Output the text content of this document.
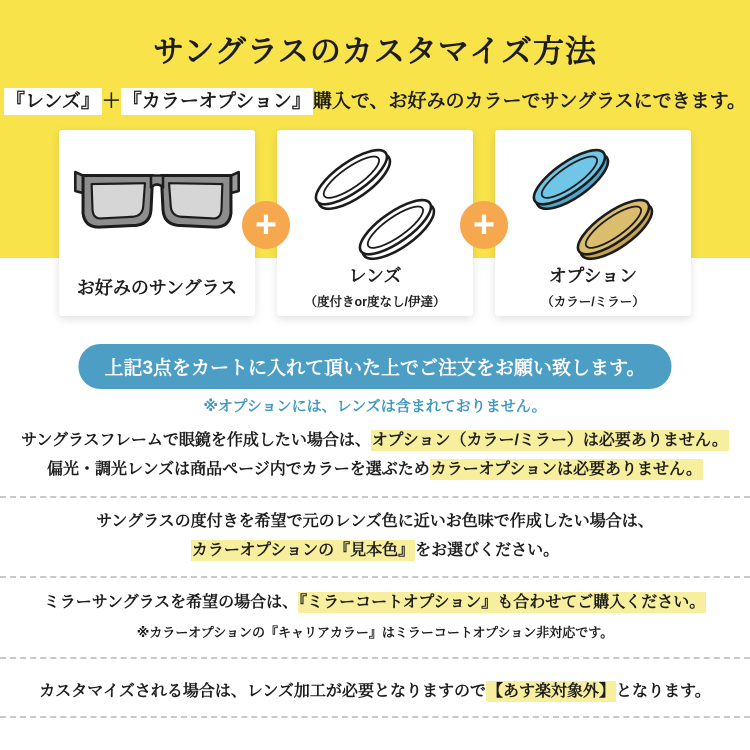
サングラスのカスタマイズ方法
『レンズ』 ＋ 『カラーオプション』 購入で、お好みのカラーでサングラスにできます。
お好みのサングラス
+
レンズ
（度付きor度なし/伊達）
+
オプション
（カラー/ミラー）
上記3点をカートに入れて頂いた上でご注文をお願い致します。
※オプションには、レンズは含まれておりません。
サングラスフレームで眼鏡を作成したい場合は、オプション（カラー/ミラー）は必要ありません。
偏光・調光レンズは商品ページ内でカラーを選ぶためカラーオプションは必要ありません。
サングラスの度付きを希望で元のレンズ色に近いお色味で作成したい場合は、
カラーオプションの『見本色』をお選びください。
ミラーサングラスを希望の場合は、『ミラーコートオプション』も合わせてご購入ください。
※カラーオプションの『キャリアカラー』はミラーコートオプション非対応です。
カスタマイズされる場合は、レンズ加工が必要となりますので【あす楽対象外】となります。
